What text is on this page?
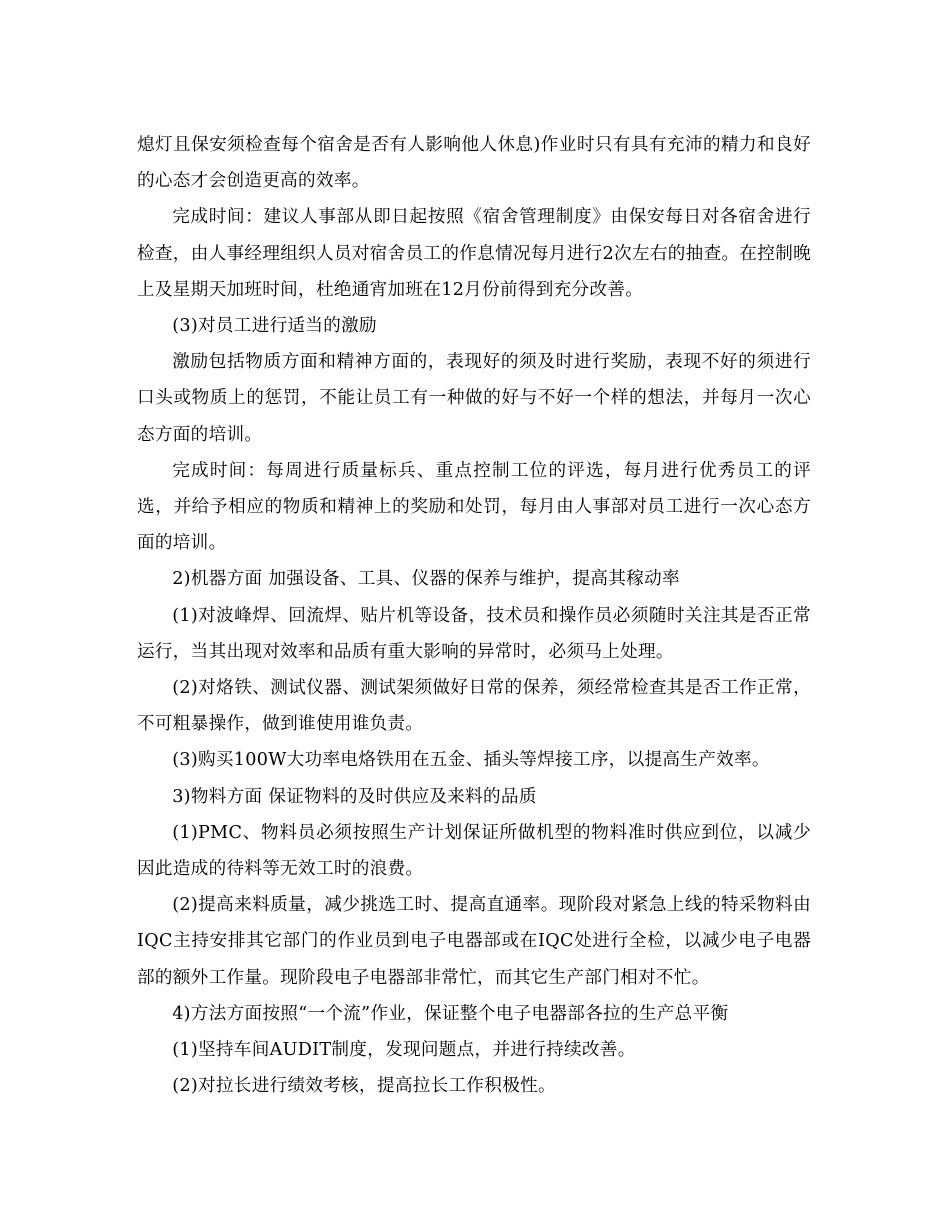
熄灯且保安须检查每个宿舍是否有人影响他人休息)作业时只有具有充沛的精力和良好的心态才会创造更高的效率。

完成时间：建议人事部从即日起按照《宿舍管理制度》由保安每日对各宿舍进行检查，由人事经理组织人员对宿舍员工的作息情况每月进行2次左右的抽查。在控制晚上及星期天加班时间，杜绝通宵加班在12月份前得到充分改善。

(3)对员工进行适当的激励

激励包括物质方面和精神方面的，表现好的须及时进行奖励，表现不好的须进行口头或物质上的惩罚，不能让员工有一种做的好与不好一个样的想法，并每月一次心态方面的培训。

完成时间：每周进行质量标兵、重点控制工位的评选，每月进行优秀员工的评选，并给予相应的物质和精神上的奖励和处罚，每月由人事部对员工进行一次心态方面的培训。

2)机器方面 加强设备、工具、仪器的保养与维护，提高其稼动率

(1)对波峰焊、回流焊、贴片机等设备，技术员和操作员必须随时关注其是否正常运行，当其出现对效率和品质有重大影响的异常时，必须马上处理。

(2)对烙铁、测试仪器、测试架须做好日常的保养，须经常检查其是否工作正常，不可粗暴操作，做到谁使用谁负责。

(3)购买100W大功率电烙铁用在五金、插头等焊接工序，以提高生产效率。

3)物料方面 保证物料的及时供应及来料的品质

(1)PMC、物料员必须按照生产计划保证所做机型的物料准时供应到位，以减少因此造成的待料等无效工时的浪费。

(2)提高来料质量，减少挑选工时、提高直通率。现阶段对紧急上线的特采物料由IQC主持安排其它部门的作业员到电子电器部或在IQC处进行全检，以减少电子电器部的额外工作量。现阶段电子电器部非常忙，而其它生产部门相对不忙。

4)方法方面按照“一个流”作业，保证整个电子电器部各拉的生产总平衡

(1)坚持车间AUDIT制度，发现问题点，并进行持续改善。

(2)对拉长进行绩效考核，提高拉长工作积极性。
